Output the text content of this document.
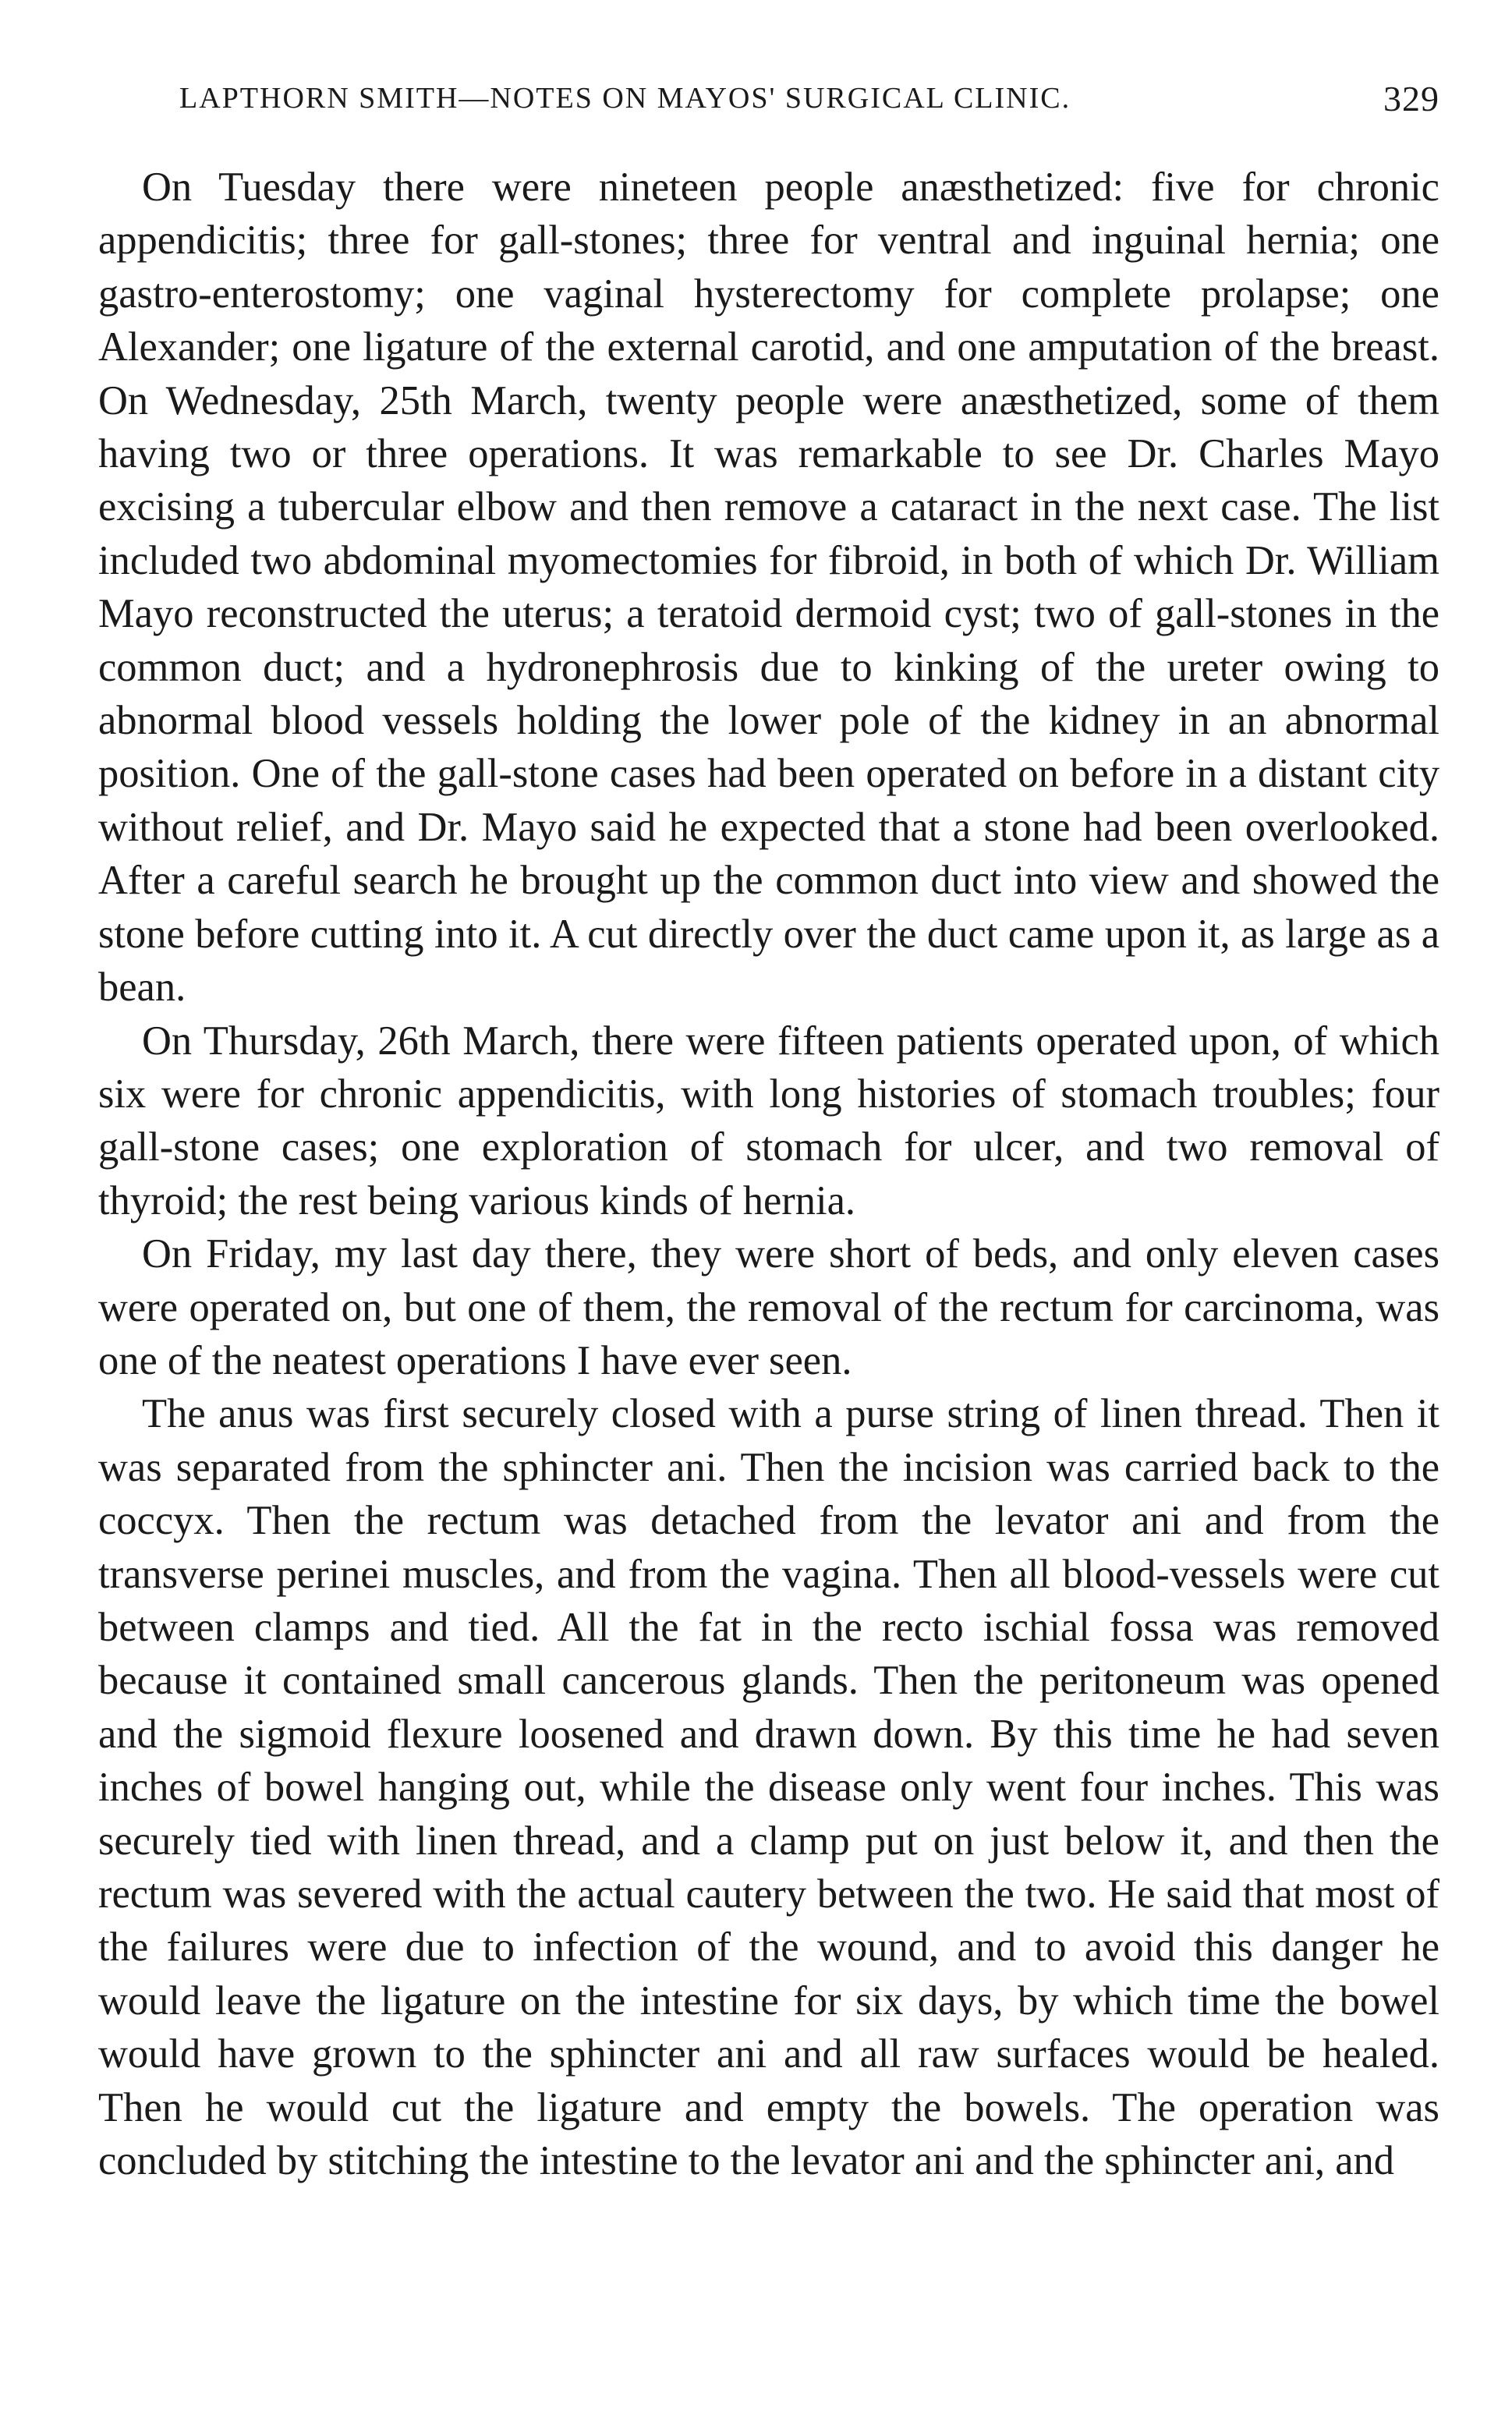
LAPTHORN SMITH—NOTES ON MAYOS' SURGICAL CLINIC.	329

On Tuesday there were nineteen people anæsthetized: five for chronic appendicitis; three for gall-stones; three for ventral and inguinal hernia; one gastro-enterostomy; one vaginal hysterectomy for complete prolapse; one Alexander; one ligature of the external carotid, and one amputation of the breast. On Wednesday, 25th March, twenty people were anæsthetized, some of them having two or three operations. It was remarkable to see Dr. Charles Mayo excising a tubercular elbow and then remove a cataract in the next case. The list included two abdominal myomectomies for fibroid, in both of which Dr. William Mayo reconstructed the uterus; a teratoid dermoid cyst; two of gall-stones in the common duct; and a hydronephrosis due to kinking of the ureter owing to abnormal blood vessels holding the lower pole of the kidney in an abnormal position. One of the gall-stone cases had been operated on before in a distant city without relief, and Dr. Mayo said he expected that a stone had been overlooked. After a careful search he brought up the common duct into view and showed the stone before cutting into it. A cut directly over the duct came upon it, as large as a bean.

On Thursday, 26th March, there were fifteen patients operated upon, of which six were for chronic appendicitis, with long histories of stomach troubles; four gall-stone cases; one exploration of stomach for ulcer, and two removal of thyroid; the rest being various kinds of hernia.

On Friday, my last day there, they were short of beds, and only eleven cases were operated on, but one of them, the removal of the rectum for carcinoma, was one of the neatest operations I have ever seen.

The anus was first securely closed with a purse string of linen thread. Then it was separated from the sphincter ani. Then the incision was carried back to the coccyx. Then the rectum was detached from the levator ani and from the transverse perinei muscles, and from the vagina. Then all blood-vessels were cut between clamps and tied. All the fat in the recto ischial fossa was removed because it contained small cancerous glands. Then the peritoneum was opened and the sigmoid flexure loosened and drawn down. By this time he had seven inches of bowel hanging out, while the disease only went four inches. This was securely tied with linen thread, and a clamp put on just below it, and then the rectum was severed with the actual cautery between the two. He said that most of the failures were due to infection of the wound, and to avoid this danger he would leave the ligature on the intestine for six days, by which time the bowel would have grown to the sphincter ani and all raw surfaces would be healed. Then he would cut the ligature and empty the bowels. The operation was concluded by stitching the intestine to the levator ani and the sphincter ani, and
